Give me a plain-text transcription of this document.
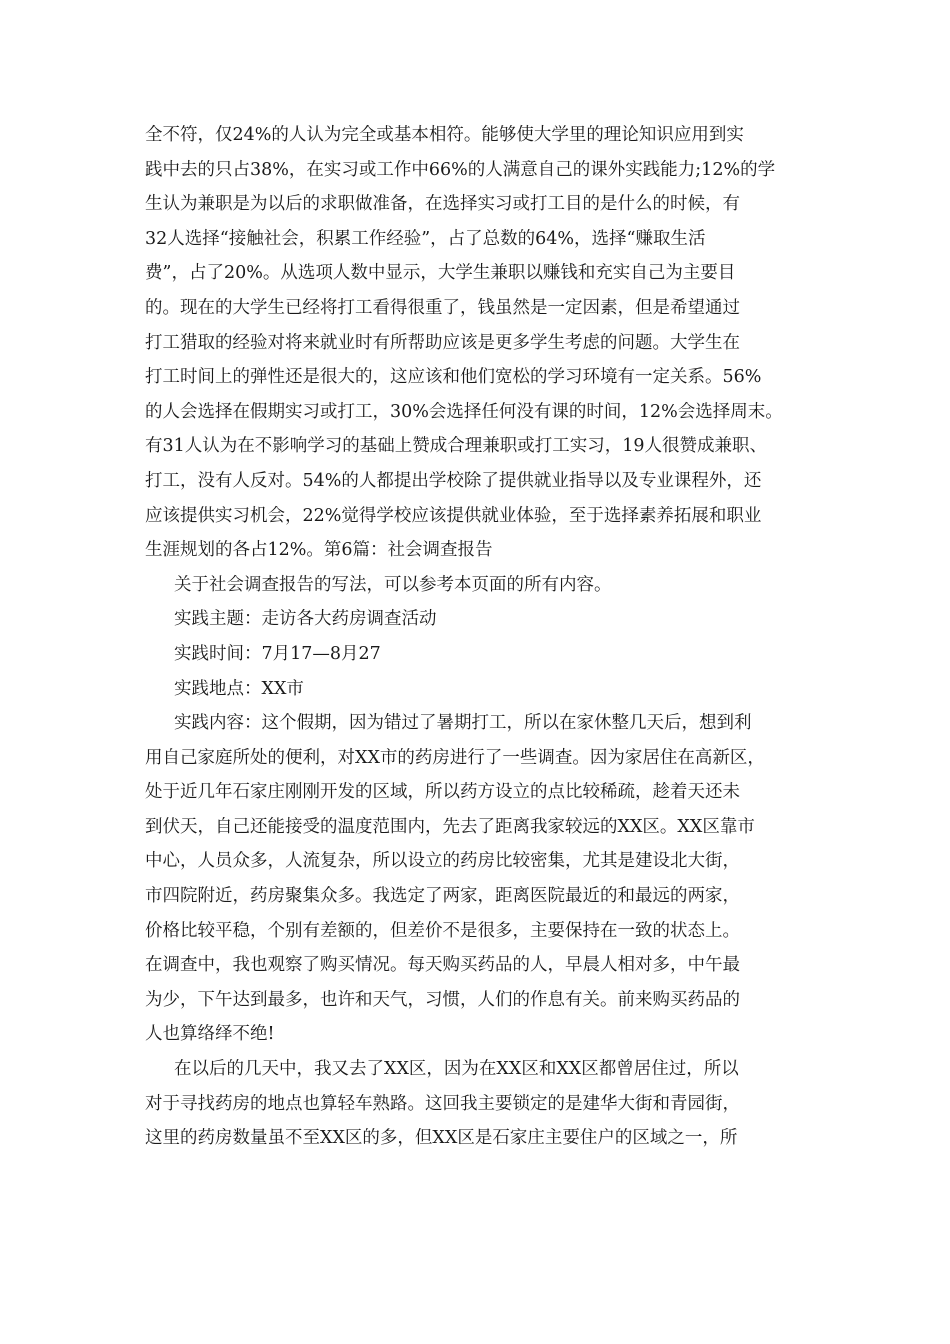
全不符，仅24%的人认为完全或基本相符。能够使大学里的理论知识应用到实
践中去的只占38%，在实习或工作中66%的人满意自己的课外实践能力;12%的学
生认为兼职是为以后的求职做准备，在选择实习或打工目的是什么的时候，有
32人选择“接触社会，积累工作经验”，占了总数的64%，选择“赚取生活
费”，占了20%。从选项人数中显示，大学生兼职以赚钱和充实自己为主要目
的。现在的大学生已经将打工看得很重了，钱虽然是一定因素，但是希望通过
打工猎取的经验对将来就业时有所帮助应该是更多学生考虑的问题。大学生在
打工时间上的弹性还是很大的，这应该和他们宽松的学习环境有一定关系。56%
的人会选择在假期实习或打工，30%会选择任何没有课的时间，12%会选择周末。
有31人认为在不影响学习的基础上赞成合理兼职或打工实习，19人很赞成兼职、
打工，没有人反对。54%的人都提出学校除了提供就业指导以及专业课程外，还
应该提供实习机会，22%觉得学校应该提供就业体验，至于选择素养拓展和职业
生涯规划的各占12%。第6篇：社会调查报告
关于社会调查报告的写法，可以参考本页面的所有内容。
实践主题：走访各大药房调查活动
实践时间：7月17—8月27
实践地点：XX市
实践内容：这个假期，因为错过了暑期打工，所以在家休整几天后，想到利
用自己家庭所处的便利，对XX市的药房进行了一些调查。因为家居住在高新区，
处于近几年石家庄刚刚开发的区域，所以药方设立的点比较稀疏，趁着天还未
到伏天，自己还能接受的温度范围内，先去了距离我家较远的XX区。XX区靠市
中心，人员众多，人流复杂，所以设立的药房比较密集，尤其是建设北大街，
市四院附近，药房聚集众多。我选定了两家，距离医院最近的和最远的两家，
价格比较平稳，个别有差额的，但差价不是很多，主要保持在一致的状态上。
在调查中，我也观察了购买情况。每天购买药品的人，早晨人相对多，中午最
为少，下午达到最多，也许和天气，习惯，人们的作息有关。前来购买药品的
人也算络绎不绝!
在以后的几天中，我又去了XX区，因为在XX区和XX区都曾居住过，所以
对于寻找药房的地点也算轻车熟路。这回我主要锁定的是建华大街和青园街，
这里的药房数量虽不至XX区的多，但XX区是石家庄主要住户的区域之一，所
